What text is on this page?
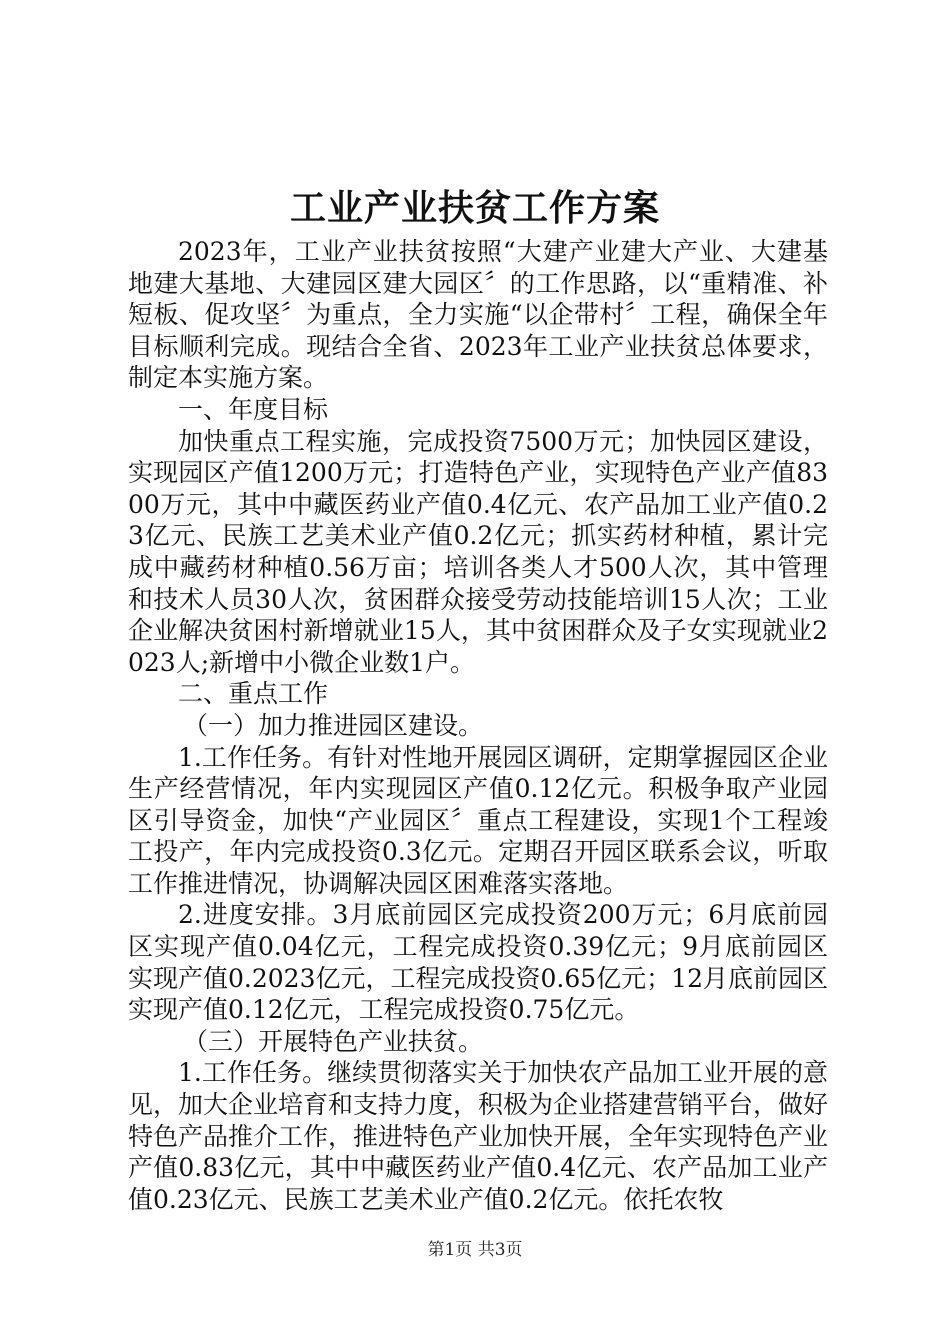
工业产业扶贫工作方案

2023年，工业产业扶贫按照“大建产业建大产业、大建基地建大基地、大建园区建大园区〞的工作思路，以“重精准、补短板、促攻坚〞为重点，全力实施“以企带村〞工程，确保全年目标顺利完成。现结合全省、2023年工业产业扶贫总体要求，制定本实施方案。

一、年度目标

加快重点工程实施，完成投资7500万元；加快园区建设，实现园区产值1200万元；打造特色产业，实现特色产业产值8300万元，其中中藏医药业产值0.4亿元、农产品加工业产值0.23亿元、民族工艺美术业产值0.2亿元；抓实药材种植，累计完成中藏药材种植0.56万亩；培训各类人才500人次，其中管理和技术人员30人次，贫困群众接受劳动技能培训15人次；工业企业解决贫困村新增就业15人，其中贫困群众及子女实现就业2023人;新增中小微企业数1户。

二、重点工作

（一）加力推进园区建设。

1.工作任务。有针对性地开展园区调研，定期掌握园区企业生产经营情况，年内实现园区产值0.12亿元。积极争取产业园区引导资金，加快“产业园区〞重点工程建设，实现1个工程竣工投产，年内完成投资0.3亿元。定期召开园区联系会议，听取工作推进情况，协调解决园区困难落实落地。

2.进度安排。3月底前园区完成投资200万元；6月底前园区实现产值0.04亿元，工程完成投资0.39亿元；9月底前园区实现产值0.2023亿元，工程完成投资0.65亿元；12月底前园区实现产值0.12亿元，工程完成投资0.75亿元。

（三）开展特色产业扶贫。

1.工作任务。继续贯彻落实关于加快农产品加工业开展的意见，加大企业培育和支持力度，积极为企业搭建营销平台，做好特色产品推介工作，推进特色产业加快开展，全年实现特色产业产值0.83亿元，其中中藏医药业产值0.4亿元、农产品加工业产值0.23亿元、民族工艺美术业产值0.2亿元。依托农牧

第1页 共3页
